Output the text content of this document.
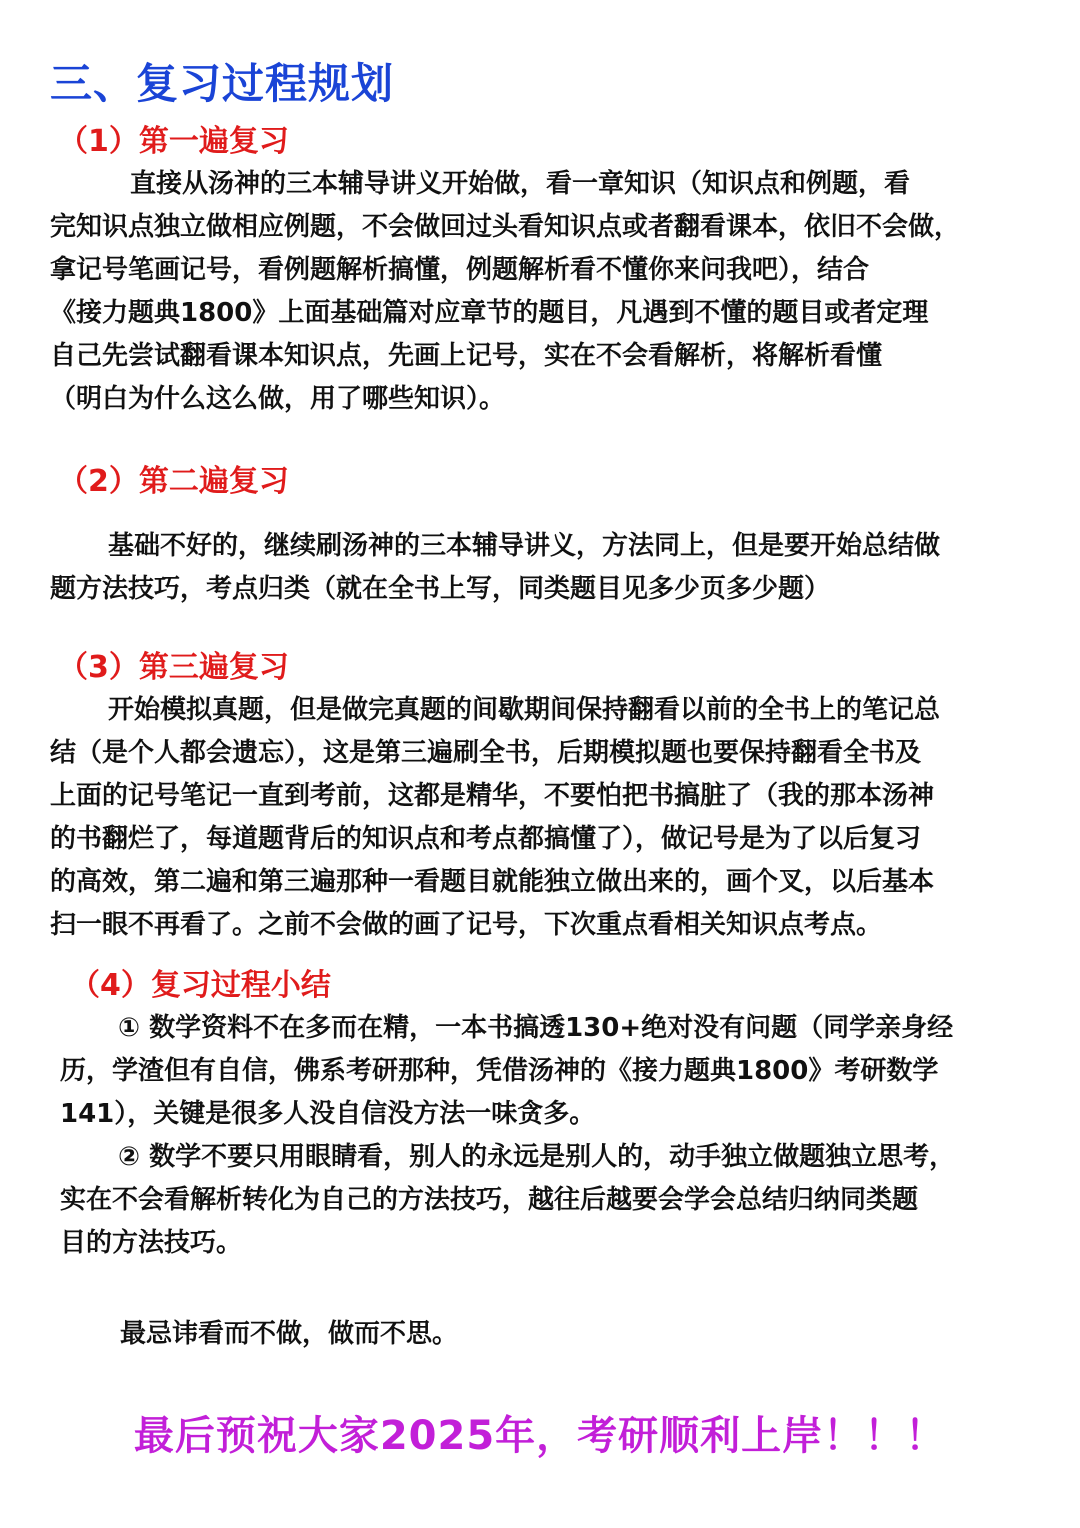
三、复习过程规划
（1）第一遍复习
直接从汤神的三本辅导讲义开始做，看一章知识（知识点和例题，看
完知识点独立做相应例题，不会做回过头看知识点或者翻看课本，依旧不会做，
拿记号笔画记号，看例题解析搞懂，例题解析看不懂你来问我吧），结合
《接力题典1800》上面基础篇对应章节的题目，凡遇到不懂的题目或者定理
自己先尝试翻看课本知识点，先画上记号，实在不会看解析，将解析看懂
（明白为什么这么做，用了哪些知识）。
（2）第二遍复习
基础不好的，继续刷汤神的三本辅导讲义，方法同上，但是要开始总结做
题方法技巧，考点归类（就在全书上写，同类题目见多少页多少题）
（3）第三遍复习
开始模拟真题，但是做完真题的间歇期间保持翻看以前的全书上的笔记总
结（是个人都会遗忘），这是第三遍刷全书，后期模拟题也要保持翻看全书及
上面的记号笔记一直到考前，这都是精华，不要怕把书搞脏了（我的那本汤神
的书翻烂了，每道题背后的知识点和考点都搞懂了），做记号是为了以后复习
的高效，第二遍和第三遍那种一看题目就能独立做出来的，画个叉，以后基本
扫一眼不再看了。之前不会做的画了记号，下次重点看相关知识点考点。
（4）复习过程小结
① 数学资料不在多而在精，一本书搞透130+绝对没有问题（同学亲身经
历，学渣但有自信，佛系考研那种，凭借汤神的《接力题典1800》考研数学
141），关键是很多人没自信没方法一味贪多。
② 数学不要只用眼睛看，别人的永远是别人的，动手独立做题独立思考，
实在不会看解析转化为自己的方法技巧，越往后越要会学会总结归纳同类题
目的方法技巧。

最忌讳看而不做，做而不思。

最后预祝大家2025年，考研顺利上岸！！！
